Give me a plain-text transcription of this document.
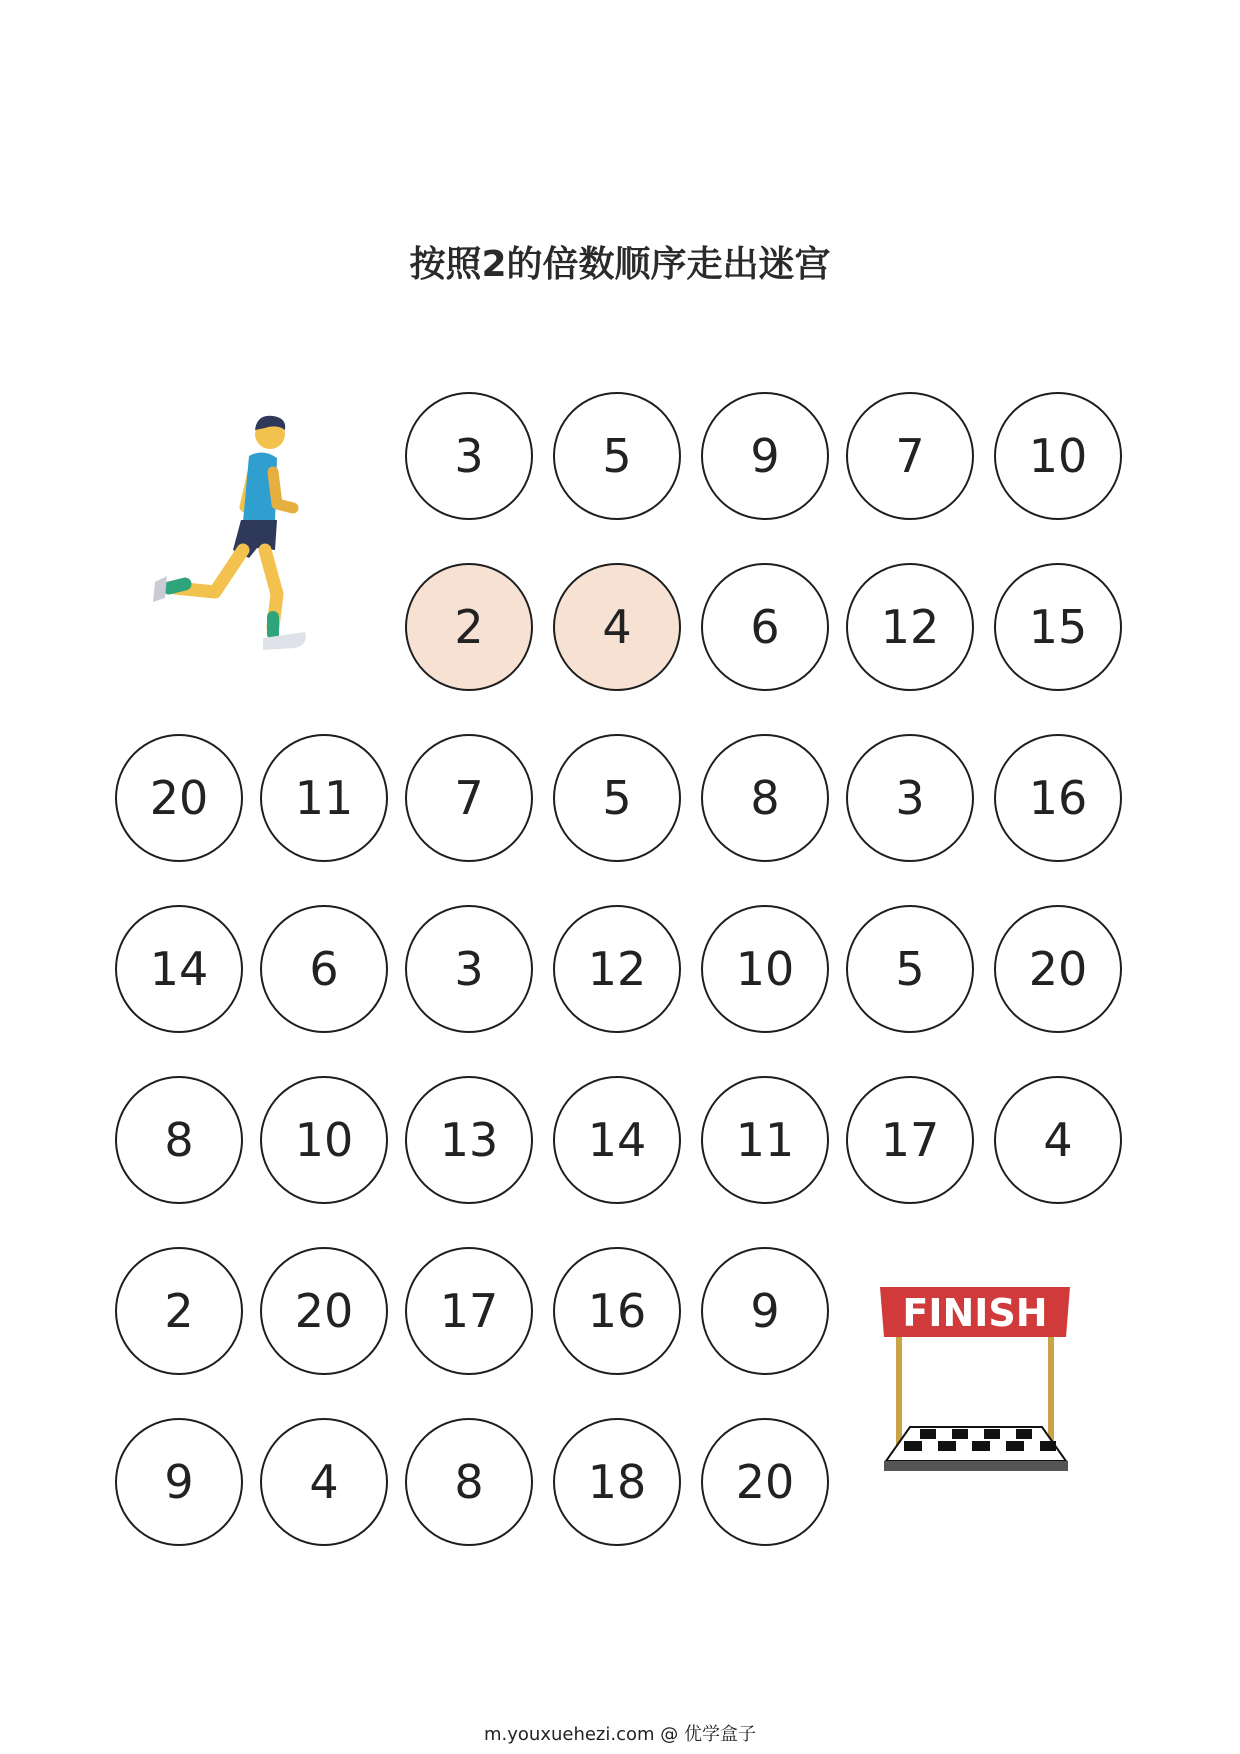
按照2的倍数顺序走出迷宫
3	5	9	7	10
2	4	6	12	15
20	11	7	5	8	3	16
14	6	3	12	10	5	20
8	10	13	14	11	17	4
2	20	17	16	9
9	4	8	18	20
FINISH
m.youxuehezi.com @ 优学盒子
